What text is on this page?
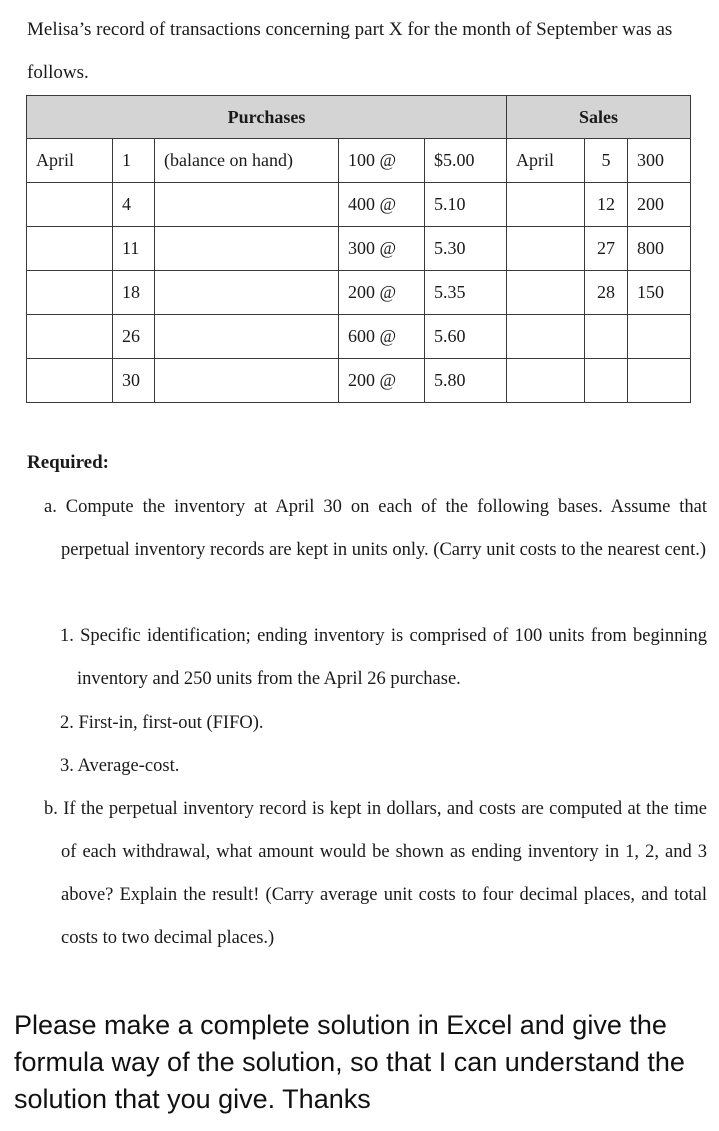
Melisa’s record of transactions concerning part X for the month of September was as follows.
Purchases					Sales		
April	1	(balance on hand)	100 @	$5.00	April	5	300
	4		400 @	5.10		12	200
	11		300 @	5.30		27	800
	18		200 @	5.35		28	150
	26		600 @	5.60			
	30		200 @	5.80			
Required:
a. Compute the inventory at April 30 on each of the following bases. Assume that perpetual inventory records are kept in units only. (Carry unit costs to the nearest cent.)
1. Specific identification; ending inventory is comprised of 100 units from beginning inventory and 250 units from the April 26 purchase.
2. First-in, first-out (FIFO).
3. Average-cost.
b. If the perpetual inventory record is kept in dollars, and costs are computed at the time of each withdrawal, what amount would be shown as ending inventory in 1, 2, and 3 above? Explain the result! (Carry average unit costs to four decimal places, and total costs to two decimal places.)
Please make a complete solution in Excel and give the formula way of the solution, so that I can understand the solution that you give. Thanks
